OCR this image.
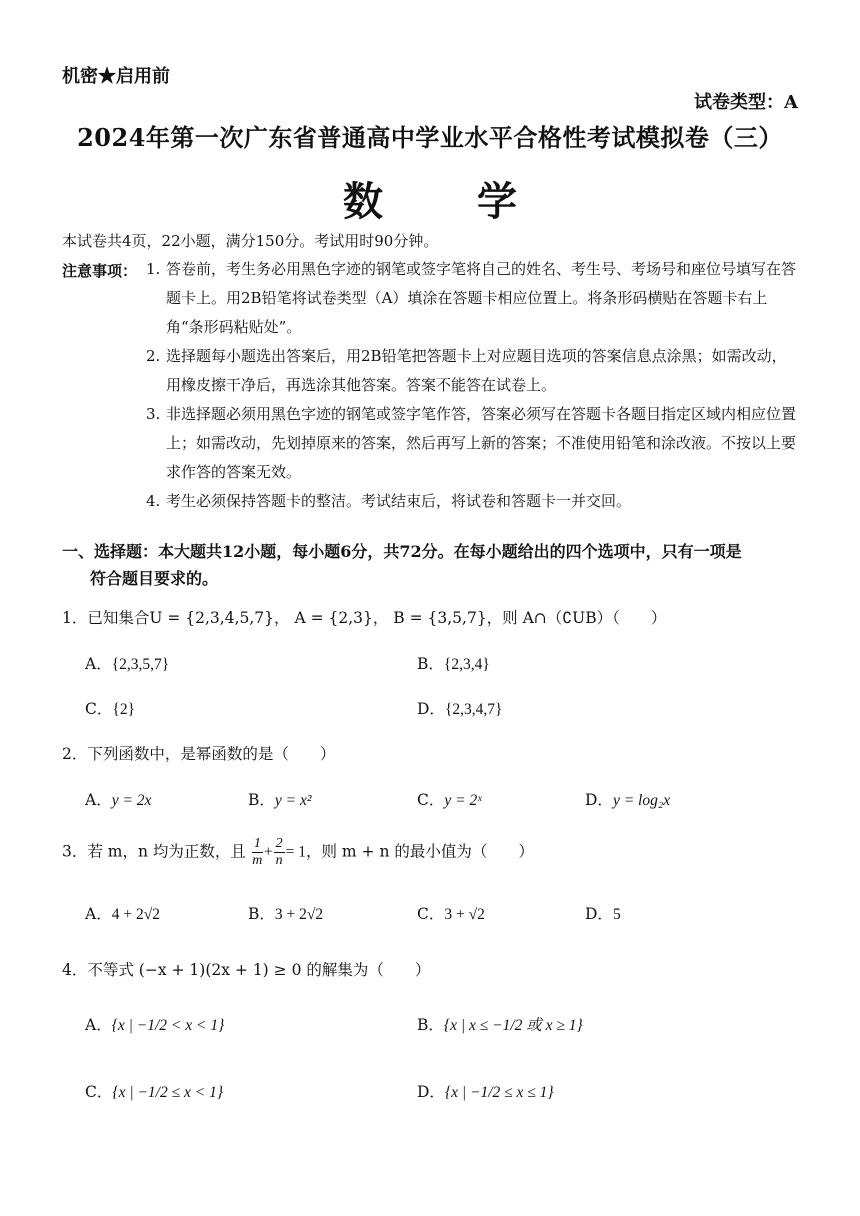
机密★启用前
试卷类型：A
2024年第一次广东省普通高中学业水平合格性考试模拟卷（三）
数 学
本试卷共4页，22小题，满分150分。考试用时90分钟。
注意事项： 1. 答卷前，考生务必用黑色字迹的钢笔或签字笔将自己的姓名、考生号、考场号和座位号填写在答题卡上。用2B铅笔将试卷类型（A）填涂在答题卡相应位置上。将条形码横贴在答题卡右上角“条形码粘贴处”。
2. 选择题每小题选出答案后，用2B铅笔把答题卡上对应题目选项的答案信息点涂黑；如需改动，用橡皮擦干净后，再选涂其他答案。答案不能答在试卷上。
3. 非选择题必须用黑色字迹的钢笔或签字笔作答，答案必须写在答题卡各题目指定区域内相应位置上；如需改动，先划掉原来的答案，然后再写上新的答案；不准使用铅笔和涂改液。不按以上要求作答的答案无效。
4. 考生必须保持答题卡的整洁。考试结束后，将试卷和答题卡一并交回。
一、选择题：本大题共12小题，每小题6分，共72分。在每小题给出的四个选项中，只有一项是
符合题目要求的。
1．已知集合U = {2,3,4,5,7}， A = {2,3}， B = {3,5,7}，则 A∩（∁UB）（　　）
A．{2,3,5,7}	B．{2,3,4}
C．{2}	D．{2,3,4,7}
2．下列函数中，是幂函数的是（　　）
A．y = 2x	B．y = x²	C．y = 2ˣ	D．y = log₂x
3．若 m，n 均为正数，且 $\frac{1}{m} + \frac{2}{n} = 1$，则 m + n 的最小值为（　　）
A．4 + 2√2	B．3 + 2√2	C．3 + √2	D．5
4．不等式 (−x + 1)(2x + 1) ≥ 0 的解集为（　　）
A．{x | −1/2 < x < 1}	B．{x | x ≤ −1/2 或 x ≥ 1}
C．{x | −1/2 ≤ x < 1}	D．{x | −1/2 ≤ x ≤ 1}
